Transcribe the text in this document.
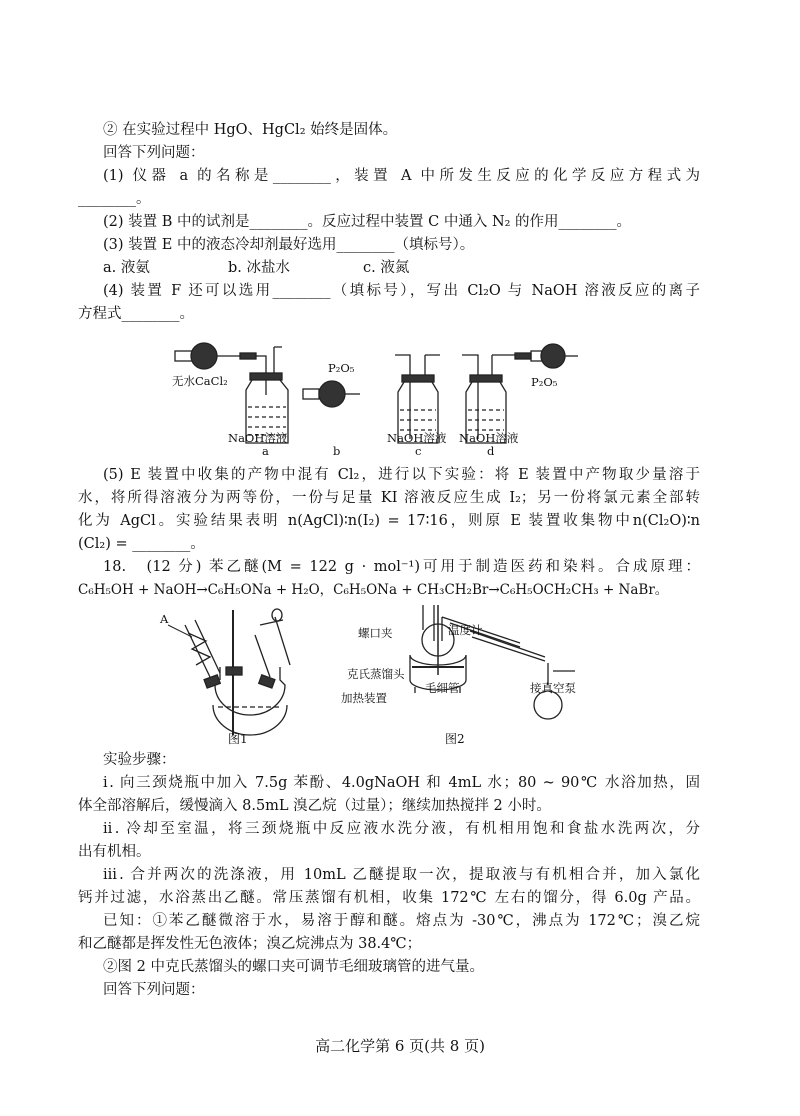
② 在实验过程中 HgO、HgCl₂ 始终是固体。
回答下列问题：
(1) 仪器 a 的名称是________，装置 A 中所发生反应的化学反应方程式为
________。
(2) 装置 B 中的试剂是________。反应过程中装置 C 中通入 N₂ 的作用________。
(3) 装置 E 中的液态冷却剂最好选用________（填标号）。
a. 液氨	b. 冰盐水	c. 液氮
(4) 装置 F 还可以选用________（填标号），写出 Cl₂O 与 NaOH 溶液反应的离子
方程式________。
无水CaCl₂
P₂O₅
P₂O₅
NaOH溶液	NaOH溶液 NaOH溶液
a	b	c	d
(5) E 装置中收集的产物中混有 Cl₂，进行以下实验：将 E 装置中产物取少量溶于
水，将所得溶液分为两等份，一份与足量 KI 溶液反应生成 I₂；另一份将氯元素全部转
化为 AgCl。实验结果表明 n(AgCl)∶n(I₂) = 17∶16，则原 E 装置收集物中n(Cl₂O)∶n
(Cl₂) = ________。
18.　(12 分) 苯乙醚(M = 122 g · mol⁻¹)可用于制造医药和染料。合成原理：
C₆H₅OH + NaOH→C₆H₅ONa + H₂O，C₆H₅ONa + CH₃CH₂Br→C₆H₅OCH₂CH₃ + NaBr。
A
图1
螺口夹	温度计
克氏蒸馏头
毛细管
加热装置
接真空泵
图2
实验步骤：
ⅰ. 向三颈烧瓶中加入 7.5g 苯酚、4.0gNaOH 和 4mL 水；80 ~ 90℃ 水浴加热，固
体全部溶解后，缓慢滴入 8.5mL 溴乙烷（过量）；继续加热搅拌 2 小时。
ⅱ. 冷却至室温，将三颈烧瓶中反应液水洗分液，有机相用饱和食盐水洗两次，分
出有机相。
ⅲ. 合并两次的洗涤液，用 10mL 乙醚提取一次，提取液与有机相合并，加入氯化
钙并过滤，水浴蒸出乙醚。常压蒸馏有机相，收集 172℃ 左右的馏分，得 6.0g 产品。
已知：①苯乙醚微溶于水，易溶于醇和醚。熔点为 -30℃，沸点为 172℃；溴乙烷
和乙醚都是挥发性无色液体；溴乙烷沸点为 38.4℃；
②图 2 中克氏蒸馏头的螺口夹可调节毛细玻璃管的进气量。
回答下列问题：
高二化学第 6 页(共 8 页)
